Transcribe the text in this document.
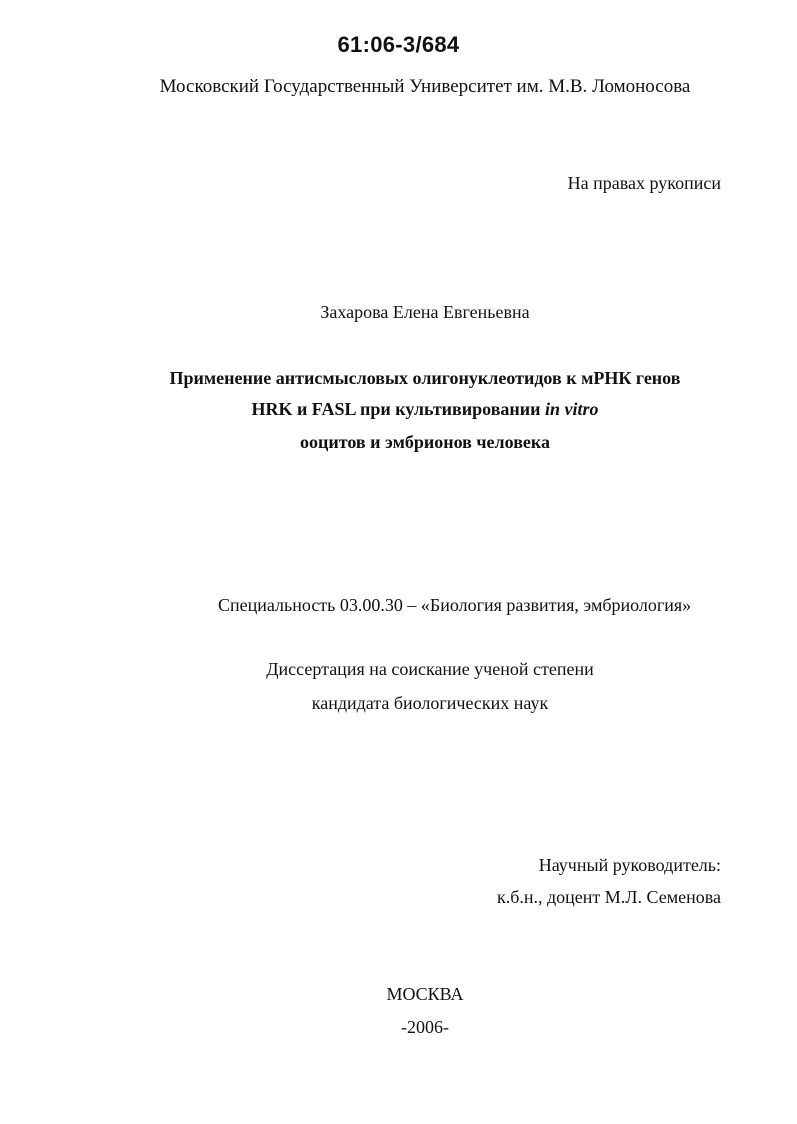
61:06-3/684
Московский Государственный Университет им. М.В. Ломоносова
На правах рукописи
Захарова Елена Евгеньевна
Применение антисмысловых олигонуклеотидов к мРНК генов
HRK и FASL при культивировании in vitro
ооцитов и эмбрионов человека
Специальность 03.00.30 – «Биология развития, эмбриология»
Диссертация на соискание ученой степени
кандидата биологических наук
Научный руководитель:
к.б.н., доцент М.Л. Семенова
МОСКВА
-2006-
